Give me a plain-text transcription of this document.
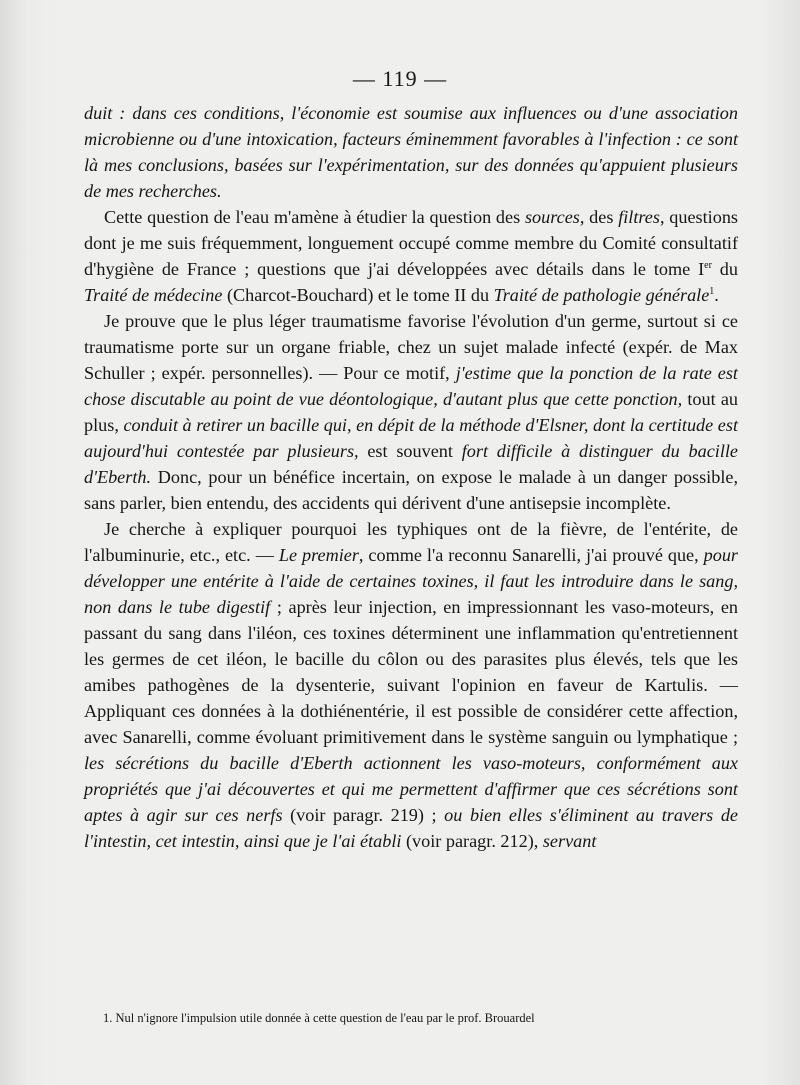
— 119 —

duit : dans ces conditions, l'économie est soumise aux influences ou d'une association microbienne ou d'une intoxication, facteurs éminemment favorables à l'infection : ce sont là mes conclusions, basées sur l'expérimentation, sur des données qu'appuient plusieurs de mes recherches.

Cette question de l'eau m'amène à étudier la question des sources, des filtres, questions dont je me suis fréquemment, longuement occupé comme membre du Comité consultatif d'hygiène de France ; questions que j'ai développées avec détails dans le tome Ier du Traité de médecine (Charcot-Bouchard) et le tome II du Traité de pathologie générale$^1$.

Je prouve que le plus léger traumatisme favorise l'évolution d'un germe, surtout si ce traumatisme porte sur un organe friable, chez un sujet malade infecté (expér. de Max Schuller ; expér. personnelles). — Pour ce motif, j'estime que la ponction de la rate est chose discutable au point de vue déontologique, d'autant plus que cette ponction, tout au plus, conduit à retirer un bacille qui, en dépit de la méthode d'Elsner, dont la certitude est aujourd'hui contestée par plusieurs, est souvent fort difficile à distinguer du bacille d'Eberth. Donc, pour un bénéfice incertain, on expose le malade à un danger possible, sans parler, bien entendu, des accidents qui dérivent d'une antisepsie incomplète.

Je cherche à expliquer pourquoi les typhiques ont de la fièvre, de l'entérite, de l'albuminurie, etc., etc. — Le premier, comme l'a reconnu Sanarelli, j'ai prouvé que, pour développer une entérite à l'aide de certaines toxines, il faut les introduire dans le sang, non dans le tube digestif ; après leur injection, en impressionnant les vaso-moteurs, en passant du sang dans l'iléon, ces toxines déterminent une inflammation qu'entretiennent les germes de cet iléon, le bacille du côlon ou des parasites plus élevés, tels que les amibes pathogènes de la dysenterie, suivant l'opinion en faveur de Kartulis. — Appliquant ces données à la dothiénentérie, il est possible de considérer cette affection, avec Sanarelli, comme évoluant primitivement dans le système sanguin ou lymphatique ; les sécrétions du bacille d'Eberth actionnent les vaso-moteurs, conformément aux propriétés que j'ai découvertes et qui me permettent d'affirmer que ces sécrétions sont aptes à agir sur ces nerfs (voir paragr. 219) ; ou bien elles s'éliminent au travers de l'intestin, cet intestin, ainsi que je l'ai établi (voir paragr. 212), servant

1. Nul n'ignore l'impulsion utile donnée à cette question de l'eau par le prof. Brouardel
